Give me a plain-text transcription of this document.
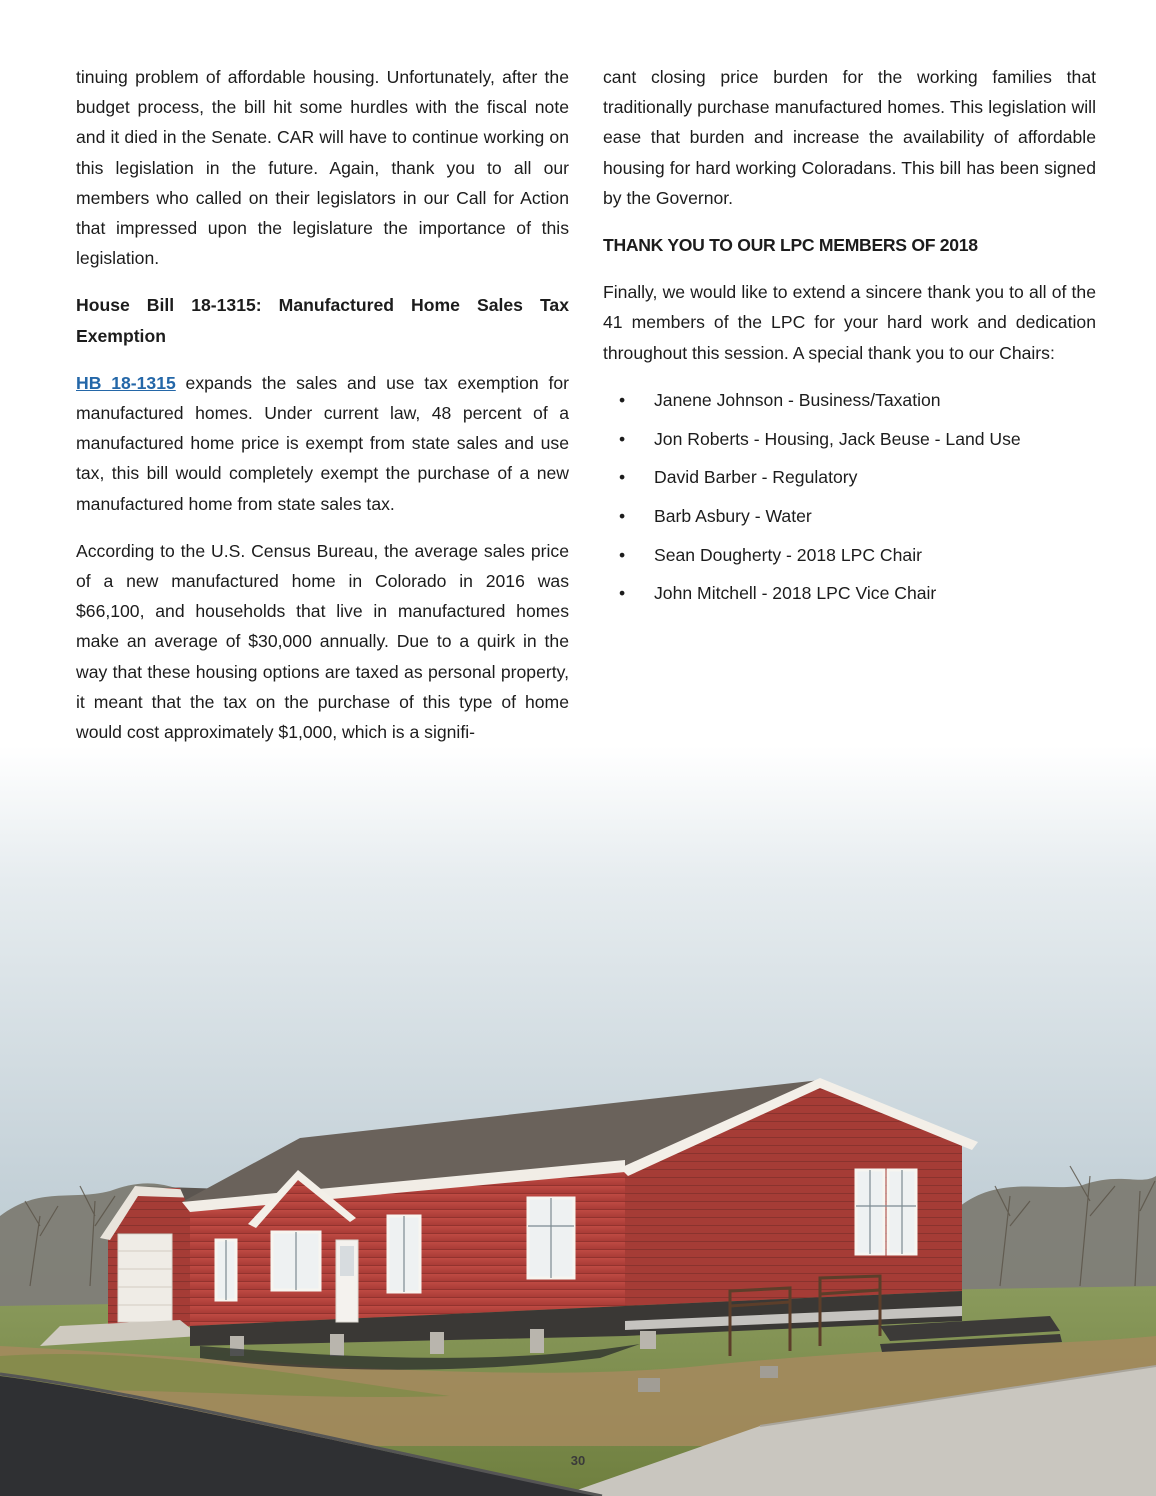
tinuing problem of affordable housing. Unfortunately, after the budget process, the bill hit some hurdles with the fiscal note and it died in the Senate. CAR will have to continue working on this legislation in the future. Again, thank you to all our members who called on their legislators in our Call for Action that impressed upon the legislature the importance of this legislation.

House Bill 18-1315: Manufactured Home Sales Tax Exemption

HB 18-1315 expands the sales and use tax exemption for manufactured homes. Under current law, 48 percent of a manufactured home price is exempt from state sales and use tax, this bill would completely exempt the purchase of a new manufactured home from state sales tax.

According to the U.S. Census Bureau, the average sales price of a new manufactured home in Colorado in 2016 was $66,100, and households that live in manufactured homes make an average of $30,000 annually. Due to a quirk in the way that these housing options are taxed as personal property, it meant that the tax on the purchase of this type of home would cost approximately $1,000, which is a signifi-

cant closing price burden for the working families that traditionally purchase manufactured homes. This legislation will ease that burden and increase the availability of affordable housing for hard working Coloradans. This bill has been signed by the Governor.

THANK YOU TO OUR LPC MEMBERS OF 2018

Finally, we would like to extend a sincere thank you to all of the 41 members of the LPC for your hard work and dedication throughout this session. A special thank you to our Chairs:

• Janene Johnson - Business/Taxation
• Jon Roberts - Housing, Jack Beuse - Land Use
• David Barber - Regulatory
• Barb Asbury - Water
• Sean Dougherty - 2018 LPC Chair
• John Mitchell - 2018 LPC Vice Chair
30
